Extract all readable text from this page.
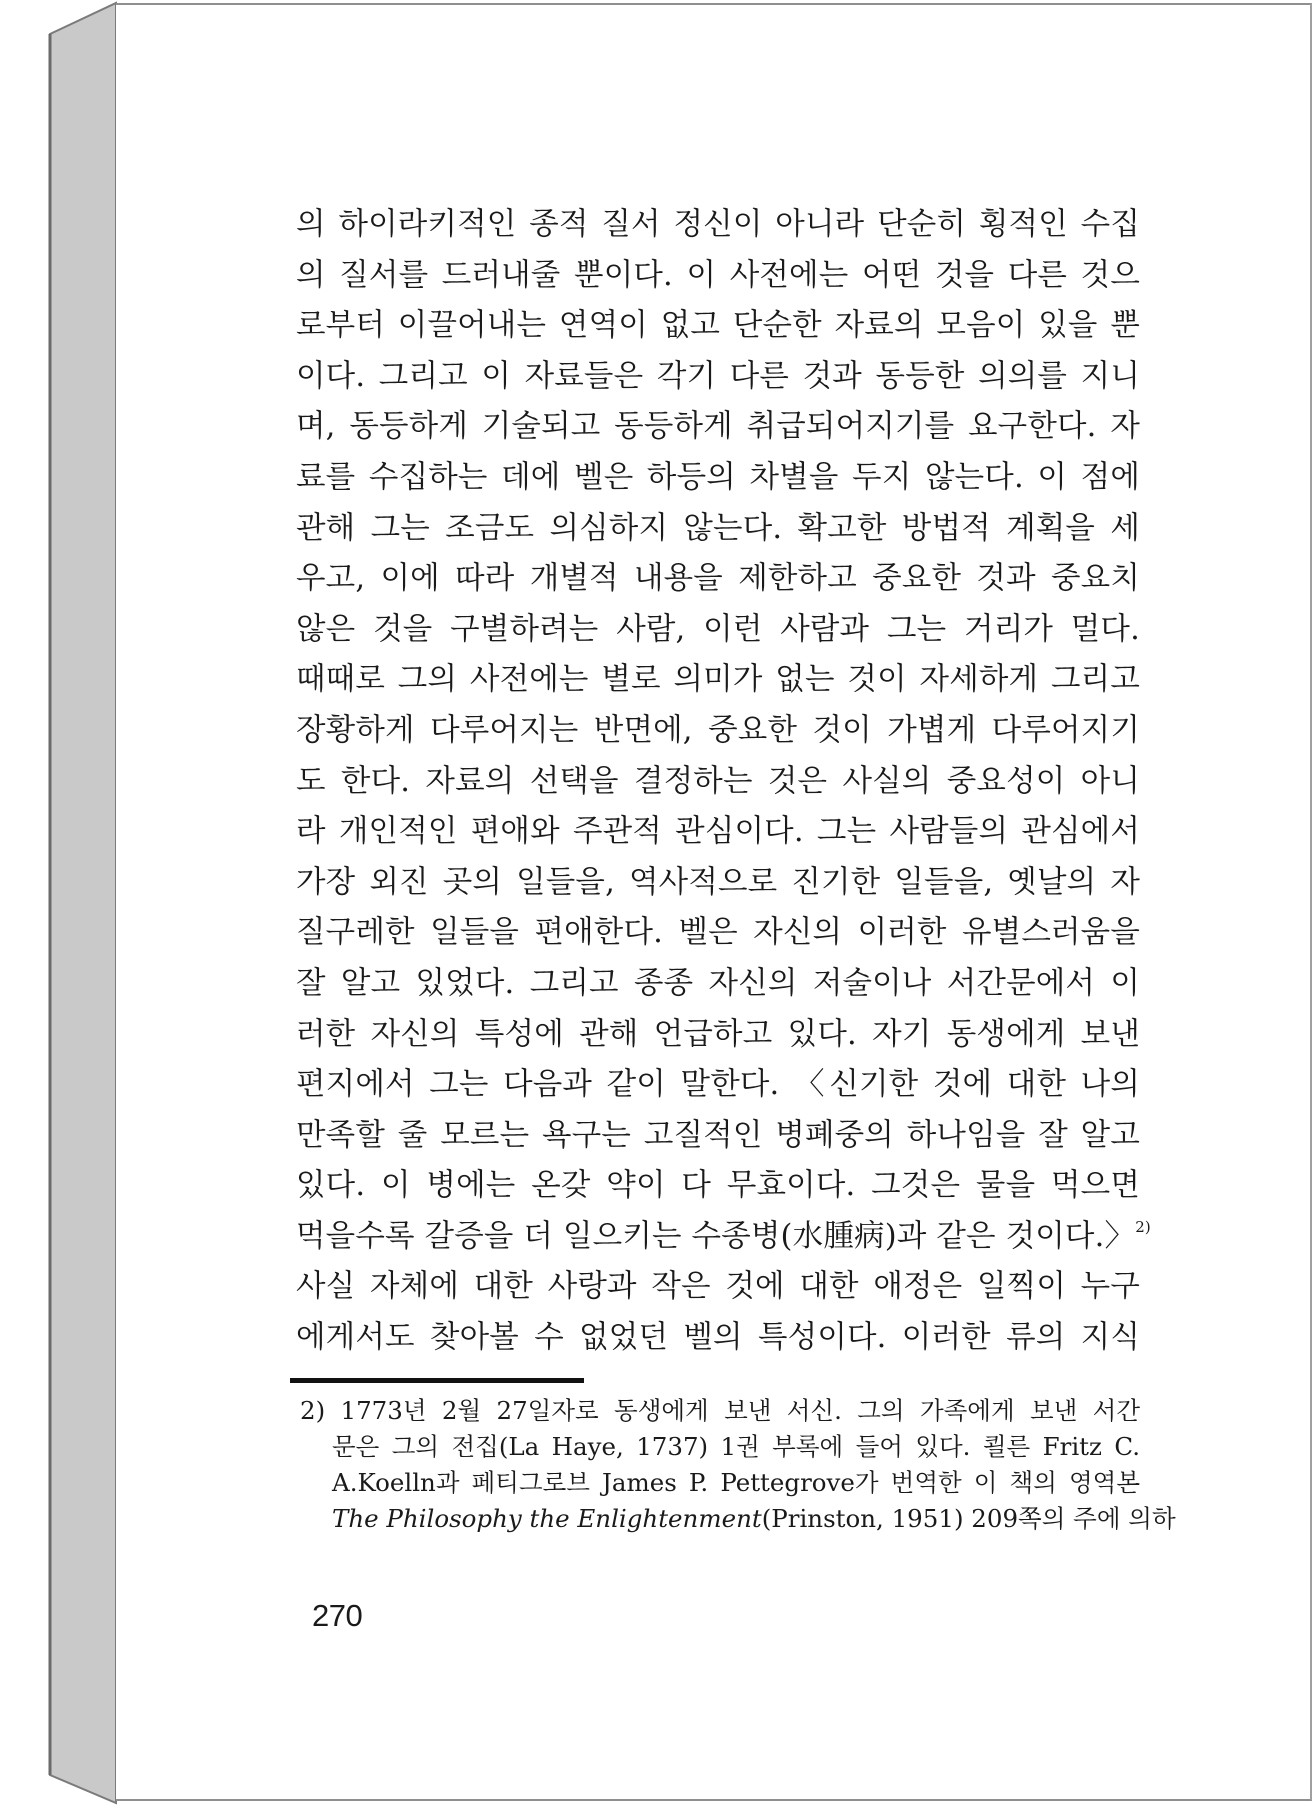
의 하이라키적인 종적 질서 정신이 아니라 단순히 횡적인 수집
의 질서를 드러내줄 뿐이다. 이 사전에는 어떤 것을 다른 것으
로부터 이끌어내는 연역이 없고 단순한 자료의 모음이 있을 뿐
이다. 그리고 이 자료들은 각기 다른 것과 동등한 의의를 지니
며, 동등하게 기술되고 동등하게 취급되어지기를 요구한다. 자
료를 수집하는 데에 벨은 하등의 차별을 두지 않는다. 이 점에
관해 그는 조금도 의심하지 않는다. 확고한 방법적 계획을 세
우고, 이에 따라 개별적 내용을 제한하고 중요한 것과 중요치
않은 것을 구별하려는 사람, 이런 사람과 그는 거리가 멀다.
때때로 그의 사전에는 별로 의미가 없는 것이 자세하게 그리고
장황하게 다루어지는 반면에, 중요한 것이 가볍게 다루어지기
도 한다. 자료의 선택을 결정하는 것은 사실의 중요성이 아니
라 개인적인 편애와 주관적 관심이다. 그는 사람들의 관심에서
가장 외진 곳의 일들을, 역사적으로 진기한 일들을, 옛날의 자
질구레한 일들을 편애한다. 벨은 자신의 이러한 유별스러움을
잘 알고 있었다. 그리고 종종 자신의 저술이나 서간문에서 이
러한 자신의 특성에 관해 언급하고 있다. 자기 동생에게 보낸
편지에서 그는 다음과 같이 말한다. 〈신기한 것에 대한 나의
만족할 줄 모르는 욕구는 고질적인 병폐중의 하나임을 잘 알고
있다. 이 병에는 온갖 약이 다 무효이다. 그것은 물을 먹으면
먹을수록 갈증을 더 일으키는 수종병(水腫病)과 같은 것이다.〉$^{2)}$
사실 자체에 대한 사랑과 작은 것에 대한 애정은 일찍이 누구
에게서도 찾아볼 수 없었던 벨의 특성이다. 이러한 류의 지식
2) 1773년 2월 27일자로 동생에게 보낸 서신. 그의 가족에게 보낸 서간
문은 그의 전집(La Haye, 1737) 1권 부록에 들어 있다. 쾰른 Fritz C.
A.Koelln과 페티그로브 James P. Pettegrove가 번역한 이 책의 영역본
The Philosophy the Enlightenment(Prinston, 1951) 209쪽의 주에 의하
270
